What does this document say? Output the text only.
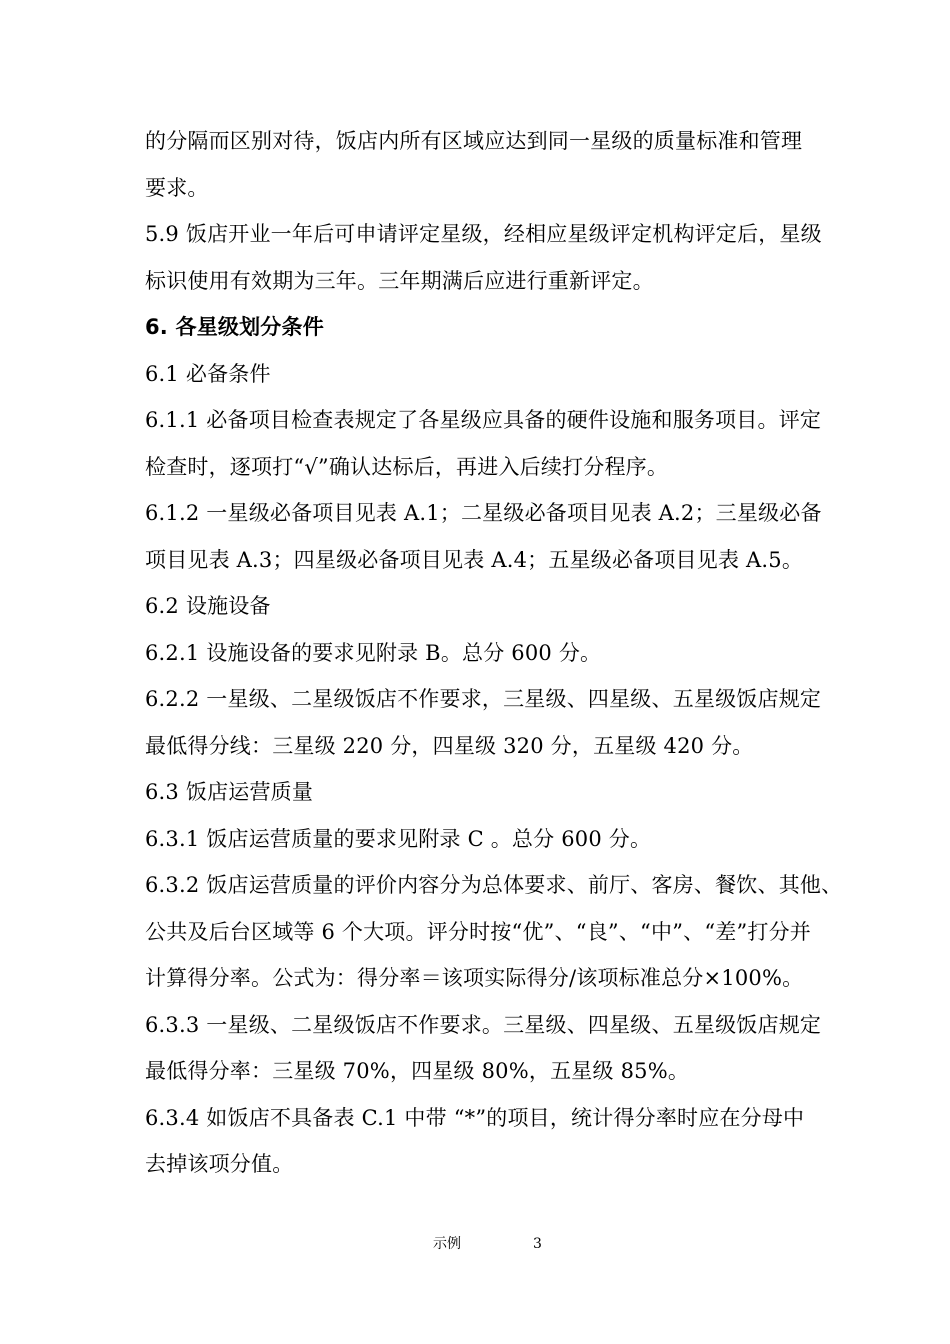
的分隔而区别对待，饭店内所有区域应达到同一星级的质量标准和管理
要求。
5.9 饭店开业一年后可申请评定星级，经相应星级评定机构评定后，星级
标识使用有效期为三年。三年期满后应进行重新评定。
6. 各星级划分条件
6.1 必备条件
6.1.1 必备项目检查表规定了各星级应具备的硬件设施和服务项目。评定
检查时，逐项打“√”确认达标后，再进入后续打分程序。
6.1.2 一星级必备项目见表 A.1；二星级必备项目见表 A.2；三星级必备
项目见表 A.3；四星级必备项目见表 A.4；五星级必备项目见表 A.5。
6.2 设施设备
6.2.1 设施设备的要求见附录 B。总分 600 分。
6.2.2 一星级、二星级饭店不作要求，三星级、四星级、五星级饭店规定
最低得分线：三星级 220 分，四星级 320 分，五星级 420 分。
6.3 饭店运营质量
6.3.1 饭店运营质量的要求见附录 C 。总分 600 分。
6.3.2 饭店运营质量的评价内容分为总体要求、前厅、客房、餐饮、其他、
公共及后台区域等 6 个大项。评分时按“优”、“良”、“中”、“差”打分并
计算得分率。公式为：得分率＝该项实际得分/该项标准总分×100%。
6.3.3 一星级、二星级饭店不作要求。三星级、四星级、五星级饭店规定
最低得分率：三星级 70%，四星级 80%，五星级 85%。
6.3.4 如饭店不具备表 C.1 中带 “*”的项目，统计得分率时应在分母中
去掉该项分值。
示例	3
